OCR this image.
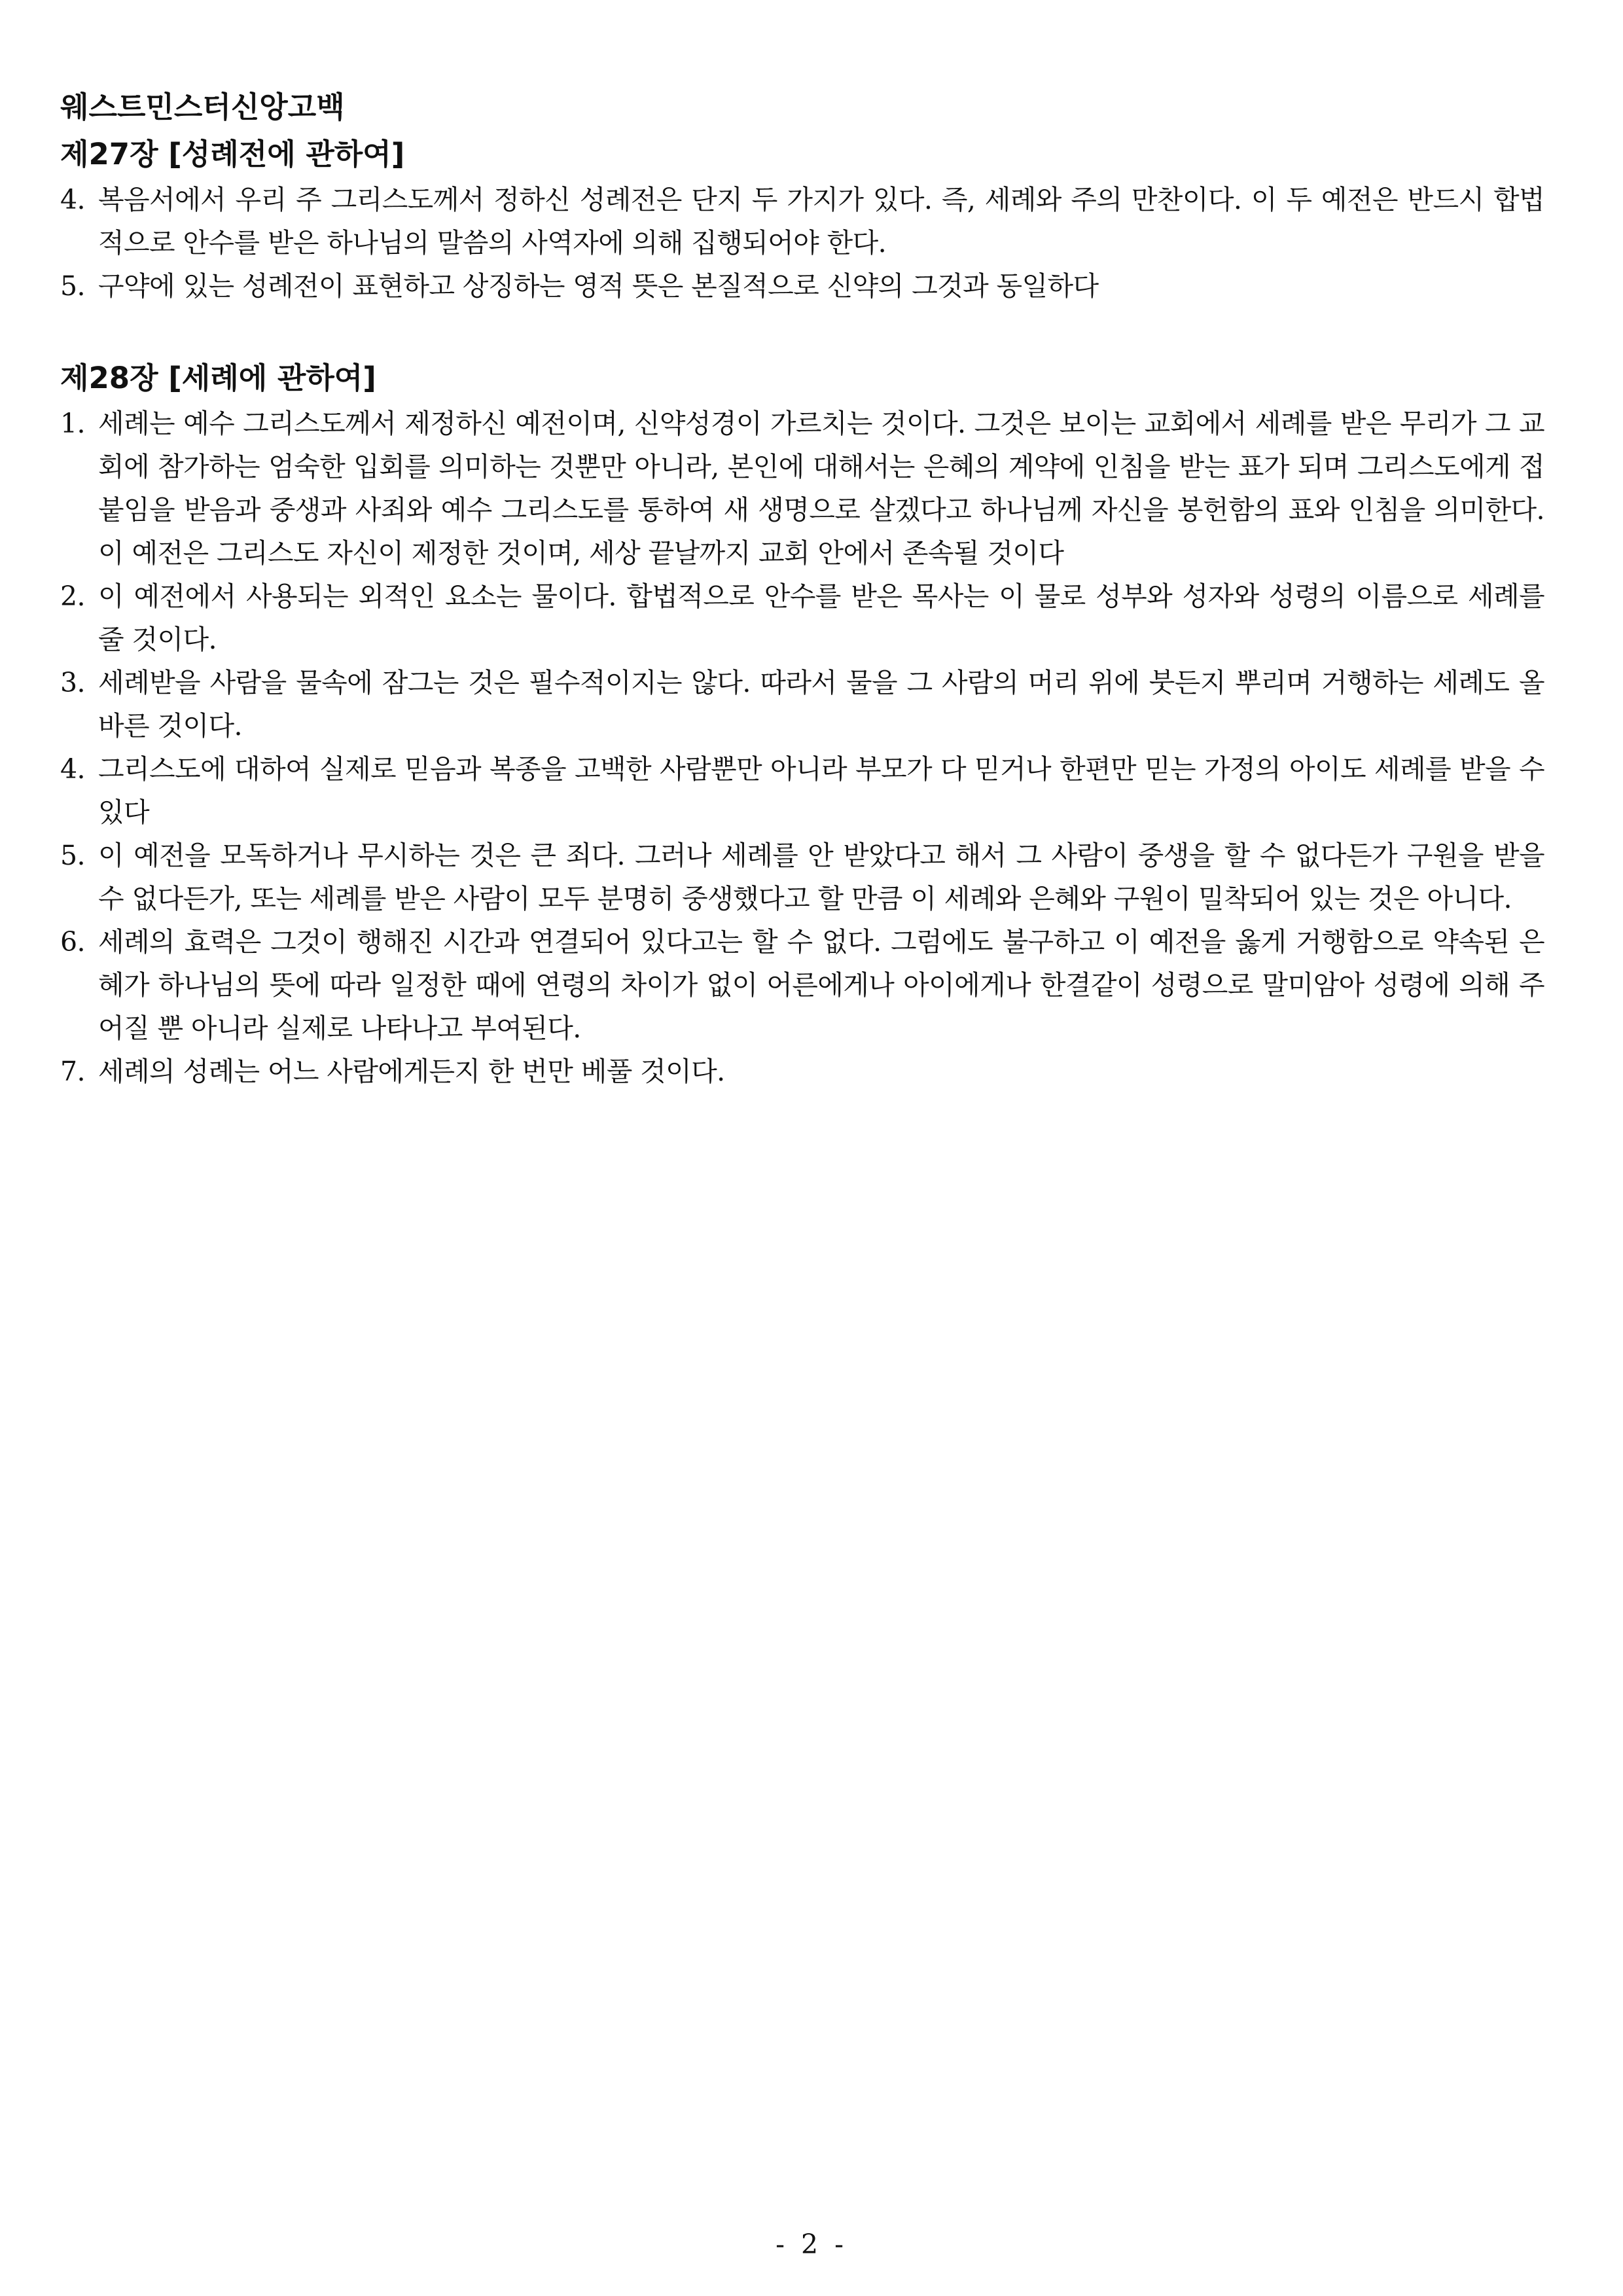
웨스트민스터신앙고백
제27장 [성례전에 관하여]
4. 복음서에서 우리 주 그리스도께서 정하신 성례전은 단지 두 가지가 있다. 즉, 세례와 주의 만찬이다. 이 두 예전은 반드시 합법적으로 안수를 받은 하나님의 말씀의 사역자에 의해 집행되어야 한다.
5. 구약에 있는 성례전이 표현하고 상징하는 영적 뜻은 본질적으로 신약의 그것과 동일하다
제28장 [세례에 관하여]
1. 세례는 예수 그리스도께서 제정하신 예전이며, 신약성경이 가르치는 것이다. 그것은 보이는 교회에서 세례를 받은 무리가 그 교회에 참가하는 엄숙한 입회를 의미하는 것뿐만 아니라, 본인에 대해서는 은혜의 계약에 인침을 받는 표가 되며 그리스도에게 접붙임을 받음과 중생과 사죄와 예수 그리스도를 통하여 새 생명으로 살겠다고 하나님께 자신을 봉헌함의 표와 인침을 의미한다. 이 예전은 그리스도 자신이 제정한 것이며, 세상 끝날까지 교회 안에서 존속될 것이다
2. 이 예전에서 사용되는 외적인 요소는 물이다. 합법적으로 안수를 받은 목사는 이 물로 성부와 성자와 성령의 이름으로 세례를 줄 것이다.
3. 세례받을 사람을 물속에 잠그는 것은 필수적이지는 않다. 따라서 물을 그 사람의 머리 위에 붓든지 뿌리며 거행하는 세례도 올바른 것이다.
4. 그리스도에 대하여 실제로 믿음과 복종을 고백한 사람뿐만 아니라 부모가 다 믿거나 한편만 믿는 가정의 아이도 세례를 받을 수 있다
5. 이 예전을 모독하거나 무시하는 것은 큰 죄다. 그러나 세례를 안 받았다고 해서 그 사람이 중생을 할 수 없다든가 구원을 받을 수 없다든가, 또는 세례를 받은 사람이 모두 분명히 중생했다고 할 만큼 이 세례와 은혜와 구원이 밀착되어 있는 것은 아니다.
6. 세례의 효력은 그것이 행해진 시간과 연결되어 있다고는 할 수 없다. 그럼에도 불구하고 이 예전을 옳게 거행함으로 약속된 은혜가 하나님의 뜻에 따라 일정한 때에 연령의 차이가 없이 어른에게나 아이에게나 한결같이 성령으로 말미암아 성령에 의해 주어질 뿐 아니라 실제로 나타나고 부여된다.
7. 세례의 성례는 어느 사람에게든지 한 번만 베풀 것이다.
- 2 -
